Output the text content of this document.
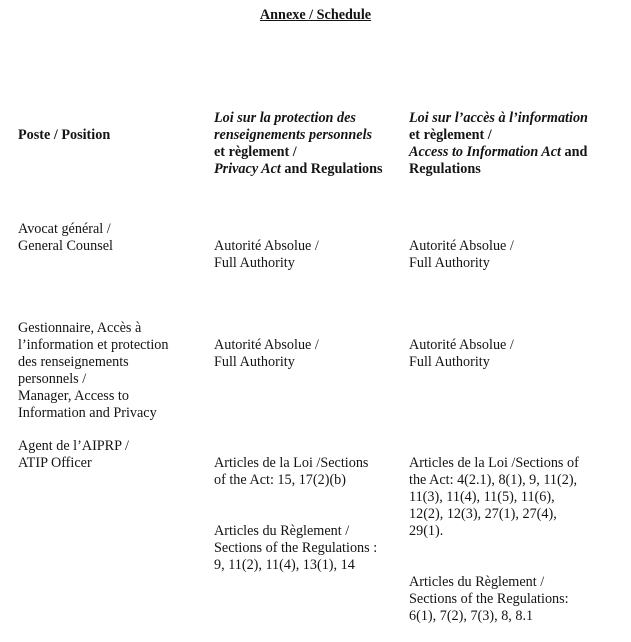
Annexe / Schedule

Poste / Position

Loi sur la protection des
renseignements personnels
et règlement /
Privacy Act and Regulations
Loi sur l’accès à l’information
et règlement /
Access to Information Act and
Regulations
Avocat général /
General Counsel	Autorité Absolue /
Full Authority

Autorité Absolue /
Full Authority

Gestionnaire, Accès à
l’information et protection
des renseignements
personnels /
Manager, Access to
Information and Privacy

Autorité Absolue /
Full Authority

Autorité Absolue /
Full Authority

Agent de l’AIPRP /
ATIP Officer	Articles de la Loi /Sections
of the Act: 15, 17(2)(b)

Articles du Règlement /
Sections of the Regulations :
9, 11(2), 11(4), 13(1), 14

Articles de la Loi /Sections of
the Act: 4(2.1), 8(1), 9, 11(2),
11(3), 11(4), 11(5), 11(6),
12(2), 12(3), 27(1), 27(4),
29(1).

Articles du Règlement /
Sections of the Regulations:
6(1), 7(2), 7(3), 8, 8.1
